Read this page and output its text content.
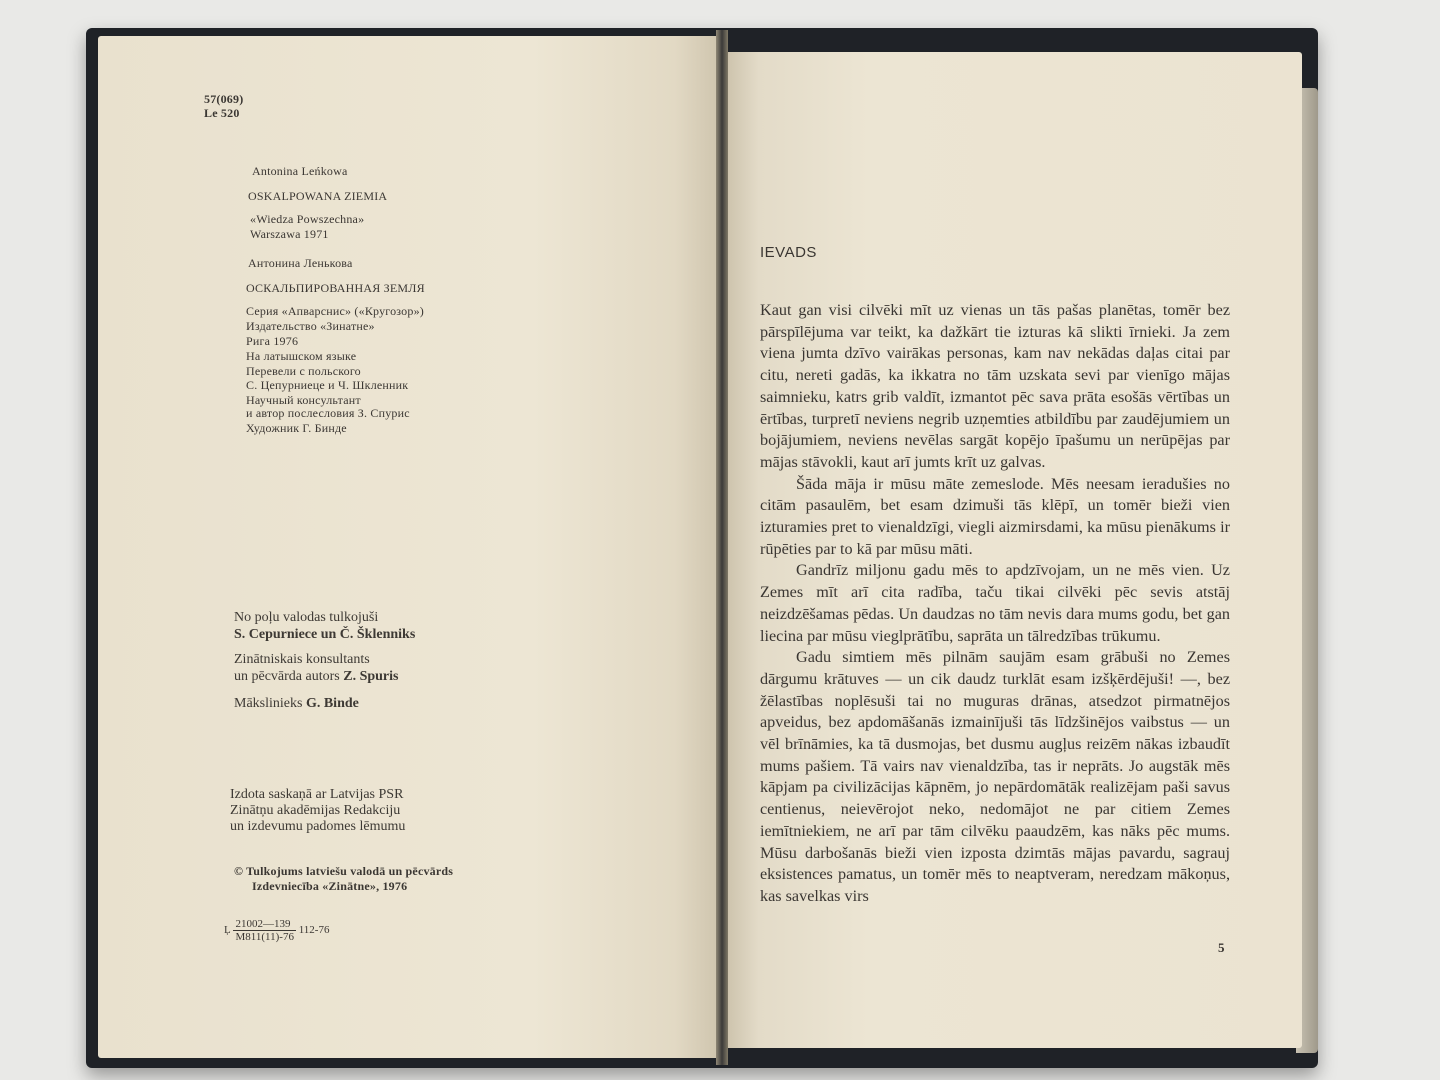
57(069)
Le 520
Antonina Leńkowa
OSKALPOWANA ZIEMIA
«Wiedza Powszechna»
Warszawa 1971
Антонина Ленькова
ОСКАЛЬПИРОВАННАЯ ЗЕМЛЯ
Серия «Апварснис» («Кругозор»)
Издательство «Зинатне»
Рига 1976
На латышском языке
Перевели с польского
С. Цепурниеце и Ч. Шкленник
Научный консультант
и автор послесловия З. Спурис
Художник Г. Бинде
No poļu valodas tulkojuši
S. Cepurniece un Č. Šklenniks
Zinātniskais konsultants
un pēcvārda autors Z. Spuris
Mākslinieks G. Binde
Izdota saskaņā ar Latvijas PSR
Zinātņu akadēmijas Redakciju
un izdevumu padomes lēmumu
© Tulkojums latviešu valodā un pēcvārds
Izdevniecība «Zinātne», 1976
Ļ $\frac{21002—139}{M811(11)-76} 112-76$
IEVADS

Kaut gan visi cilvēki mīt uz vienas un tās pašas planētas, tomēr bez pārspīlējuma var teikt, ka dažkārt tie izturas kā slikti īrnieki. Ja zem viena jumta dzīvo vairākas personas, kam nav nekādas daļas citai par citu, nereti gadās, ka ikkatra no tām uzskata sevi par vienīgo mājas saimnieku, katrs grib valdīt, izmantot pēc sava prāta esošās vērtības un ērtības, turpretī neviens negrib uzņemties atbildību par zaudējumiem un bojājumiem, neviens nevēlas sargāt kopējo īpašumu un nerūpējas par mājas stāvokli, kaut arī jumts krīt uz galvas.

Šāda māja ir mūsu māte zemeslode. Mēs neesam ieradušies no citām pasaulēm, bet esam dzimuši tās klēpī, un tomēr bieži vien izturamies pret to vienaldzīgi, viegli aizmirsdami, ka mūsu pienākums ir rūpēties par to kā par mūsu māti.

Gandrīz miljonu gadu mēs to apdzīvojam, un ne mēs vien. Uz Zemes mīt arī cita radība, taču tikai cilvēki pēc sevis atstāj neizdzēšamas pēdas. Un daudzas no tām nevis dara mums godu, bet gan liecina par mūsu vieglprātību, saprāta un tālredzības trūkumu.

Gadu simtiem mēs pilnām saujām esam grābuši no Zemes dārgumu krātuves — un cik daudz turklāt esam izšķērdējuši! —, bez žēlastības noplēsuši tai no muguras drānas, atsedzot pirmatnējos apveidus, bez apdomāšanās izmainījuši tās līdzšinējos vaibstus — un vēl brīnāmies, ka tā dusmojas, bet dusmu augļus reizēm nākas izbaudīt mums pašiem. Tā vairs nav vienaldzība, tas ir neprāts. Jo augstāk mēs kāpjam pa civilizācijas kāpnēm, jo nepārdomātāk realizējam paši savus centienus, neievērojot neko, nedomājot ne par citiem Zemes iemītniekiem, ne arī par tām cilvēku paaudzēm, kas nāks pēc mums. Mūsu darbošanās bieži vien izposta dzimtās mājas pavardu, sagrauj eksistences pamatus, un tomēr mēs to neaptveram, neredzam mākoņus, kas savelkas virs

5
